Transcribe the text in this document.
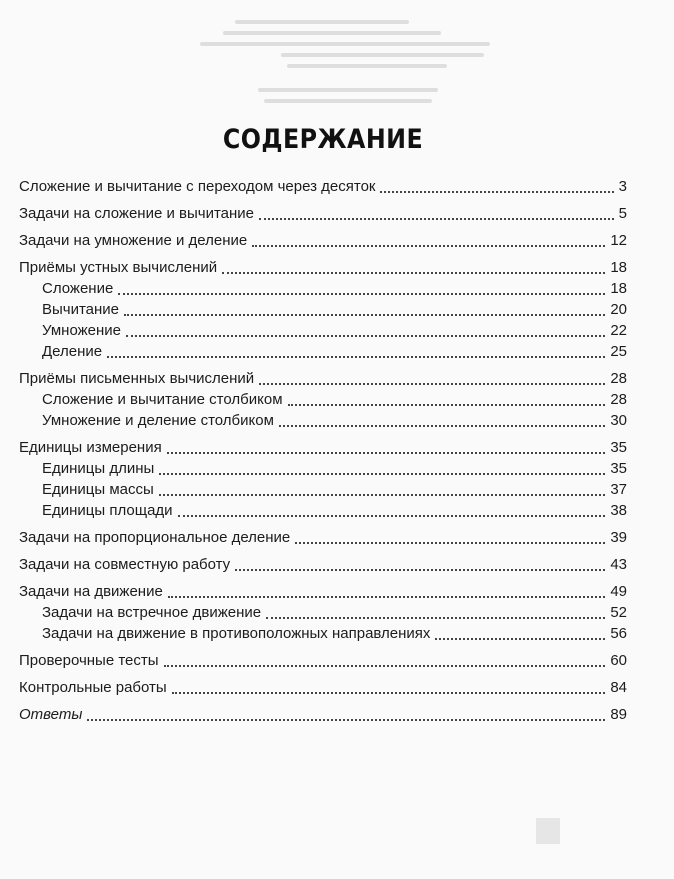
СОДЕРЖАНИЕ
Сложение и вычитание с переходом через десяток	3
Задачи на сложение и вычитание	5
Задачи на умножение и деление	12
Приёмы устных вычислений	18
Сложение	18
Вычитание	20
Умножение	22
Деление	25
Приёмы письменных вычислений	28
Сложение и вычитание столбиком	28
Умножение и деление столбиком	30
Единицы измерения	35
Единицы длины	35
Единицы массы	37
Единицы площади	38
Задачи на пропорциональное деление	39
Задачи на совместную работу	43
Задачи на движение	49
Задачи на встречное движение	52
Задачи на движение в противоположных направлениях	56
Проверочные тесты	60
Контрольные работы	84
Ответы	89
